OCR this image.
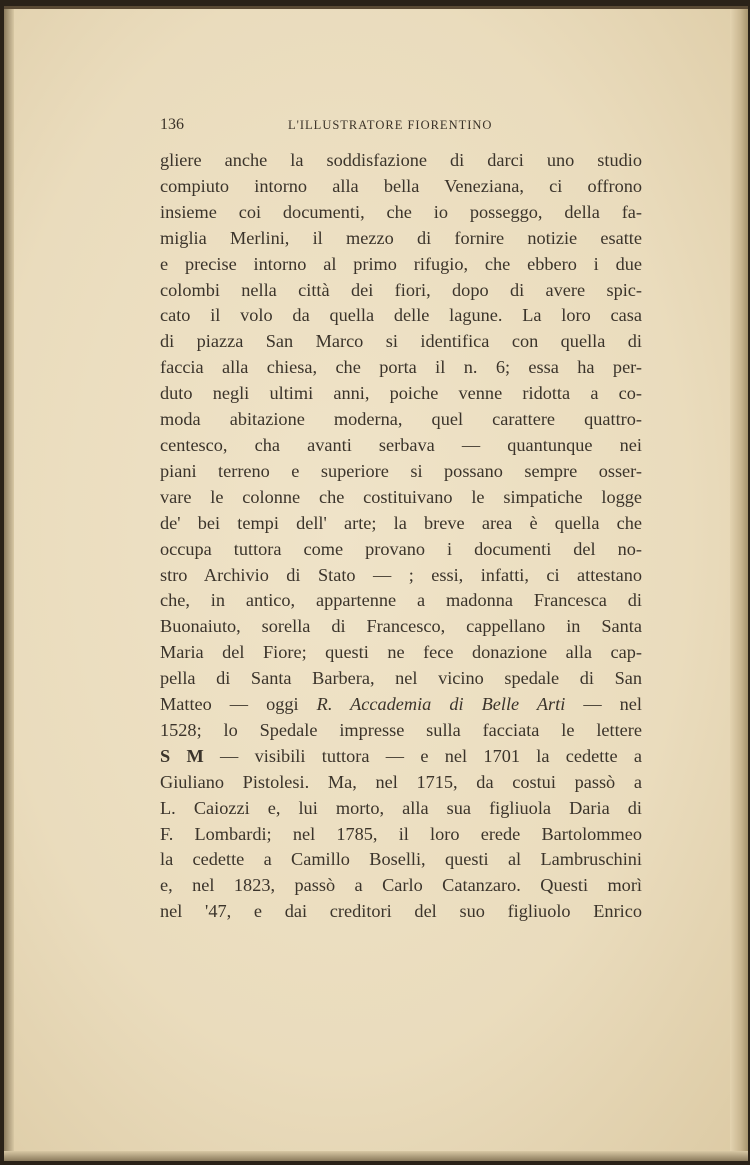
136	L'ILLUSTRATORE FIORENTINO
gliere anche la soddisfazione di darci uno studio
compiuto intorno alla bella Veneziana, ci offrono
insieme coi documenti, che io posseggo, della fa-
miglia Merlini, il mezzo di fornire notizie esatte
e precise intorno al primo rifugio, che ebbero i due
colombi nella città dei fiori, dopo di avere spic-
cato il volo da quella delle lagune. La loro casa
di piazza San Marco si identifica con quella di
faccia alla chiesa, che porta il n. 6; essa ha per-
duto negli ultimi anni, poiche venne ridotta a co-
moda abitazione moderna, quel carattere quattro-
centesco, cha avanti serbava — quantunque nei
piani terreno e superiore si possano sempre osser-
vare le colonne che costituivano le simpatiche logge
de' bei tempi dell' arte; la breve area è quella che
occupa tuttora come provano i documenti del no-
stro Archivio di Stato — ; essi, infatti, ci attestano
che, in antico, appartenne a madonna Francesca di
Buonaiuto, sorella di Francesco, cappellano in Santa
Maria del Fiore; questi ne fece donazione alla cap-
pella di Santa Barbera, nel vicino spedale di San
Matteo — oggi R. Accademia di Belle Arti — nel
1528; lo Spedale impresse sulla facciata le lettere
S M — visibili tuttora — e nel 1701 la cedette a
Giuliano Pistolesi. Ma, nel 1715, da costui passò a
L. Caiozzi e, lui morto, alla sua figliuola Daria di
F. Lombardi; nel 1785, il loro erede Bartolommeo
la cedette a Camillo Boselli, questi al Lambruschini
e, nel 1823, passò a Carlo Catanzaro. Questi morì
nel '47, e dai creditori del suo figliuolo Enrico
